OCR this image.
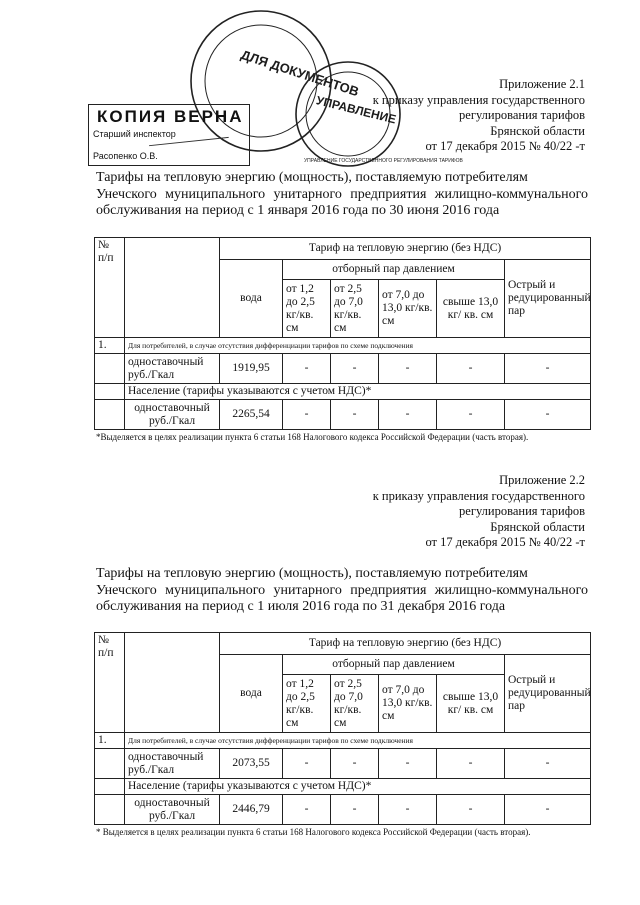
ДЛЯ ДОКУМЕНТОВ
УПРАВЛЕНИЕ
УПРАВЛЕНИЕ ГОСУДАРСТВЕННОГО РЕГУЛИРОВАНИЯ ТАРИФОВ
КОПИЯ ВЕРНА
Старший инспектор
Расопенко О.В.
Приложение 2.1
к приказу управления государственного
регулирования тарифов
Брянской области
от 17 декабря 2015 № 40/22 -т
Тарифы на тепловую энергию (мощность), поставляемую потребителям
Унечского муниципального унитарного предприятия жилищно-коммунального обслуживания на период с 1 января 2016 года по 30 июня 2016 года
№ п/п		Тариф на тепловую энергию (без НДС)					
		вода	отборный пар давлением				Острый и редуцированный пар
			от 1,2 до 2,5 кг/кв. см	от 2,5 до 7,0 кг/кв. см	от 7,0 до 13,0 кг/кв. см	свыше 13,0 кг/ кв. см	
1.	Для потребителей, в случае отсутствия дифференциации тарифов по схеме подключения						
	одноставочный руб./Гкал	1919,95	-	-	-	-	-
	Население (тарифы указываются с учетом НДС)*						
	одноставочный руб./Гкал	2265,54	-	-	-	-	-
*Выделяется в целях реализации пункта 6 статьи 168 Налогового кодекса Российской Федерации (часть вторая).
Приложение 2.2
к приказу управления государственного
регулирования тарифов
Брянской области
от 17 декабря 2015 № 40/22 -т
Тарифы на тепловую энергию (мощность), поставляемую потребителям
Унечского муниципального унитарного предприятия жилищно-коммунального обслуживания на период с 1 июля 2016 года по 31 декабря 2016 года
№ п/п		Тариф на тепловую энергию (без НДС)					
		вода	отборный пар давлением				Острый и редуцированный пар
			от 1,2 до 2,5 кг/кв. см	от 2,5 до 7,0 кг/кв. см	от 7,0 до 13,0 кг/кв. см	свыше 13,0 кг/ кв. см	
1.	Для потребителей, в случае отсутствия дифференциации тарифов по схеме подключения						
	одноставочный руб./Гкал	2073,55	-	-	-	-	-
	Население (тарифы указываются с учетом НДС)*						
	одноставочный руб./Гкал	2446,79	-	-	-	-	-
* Выделяется в целях реализации пункта 6 статьи 168 Налогового кодекса Российской Федерации (часть вторая).
